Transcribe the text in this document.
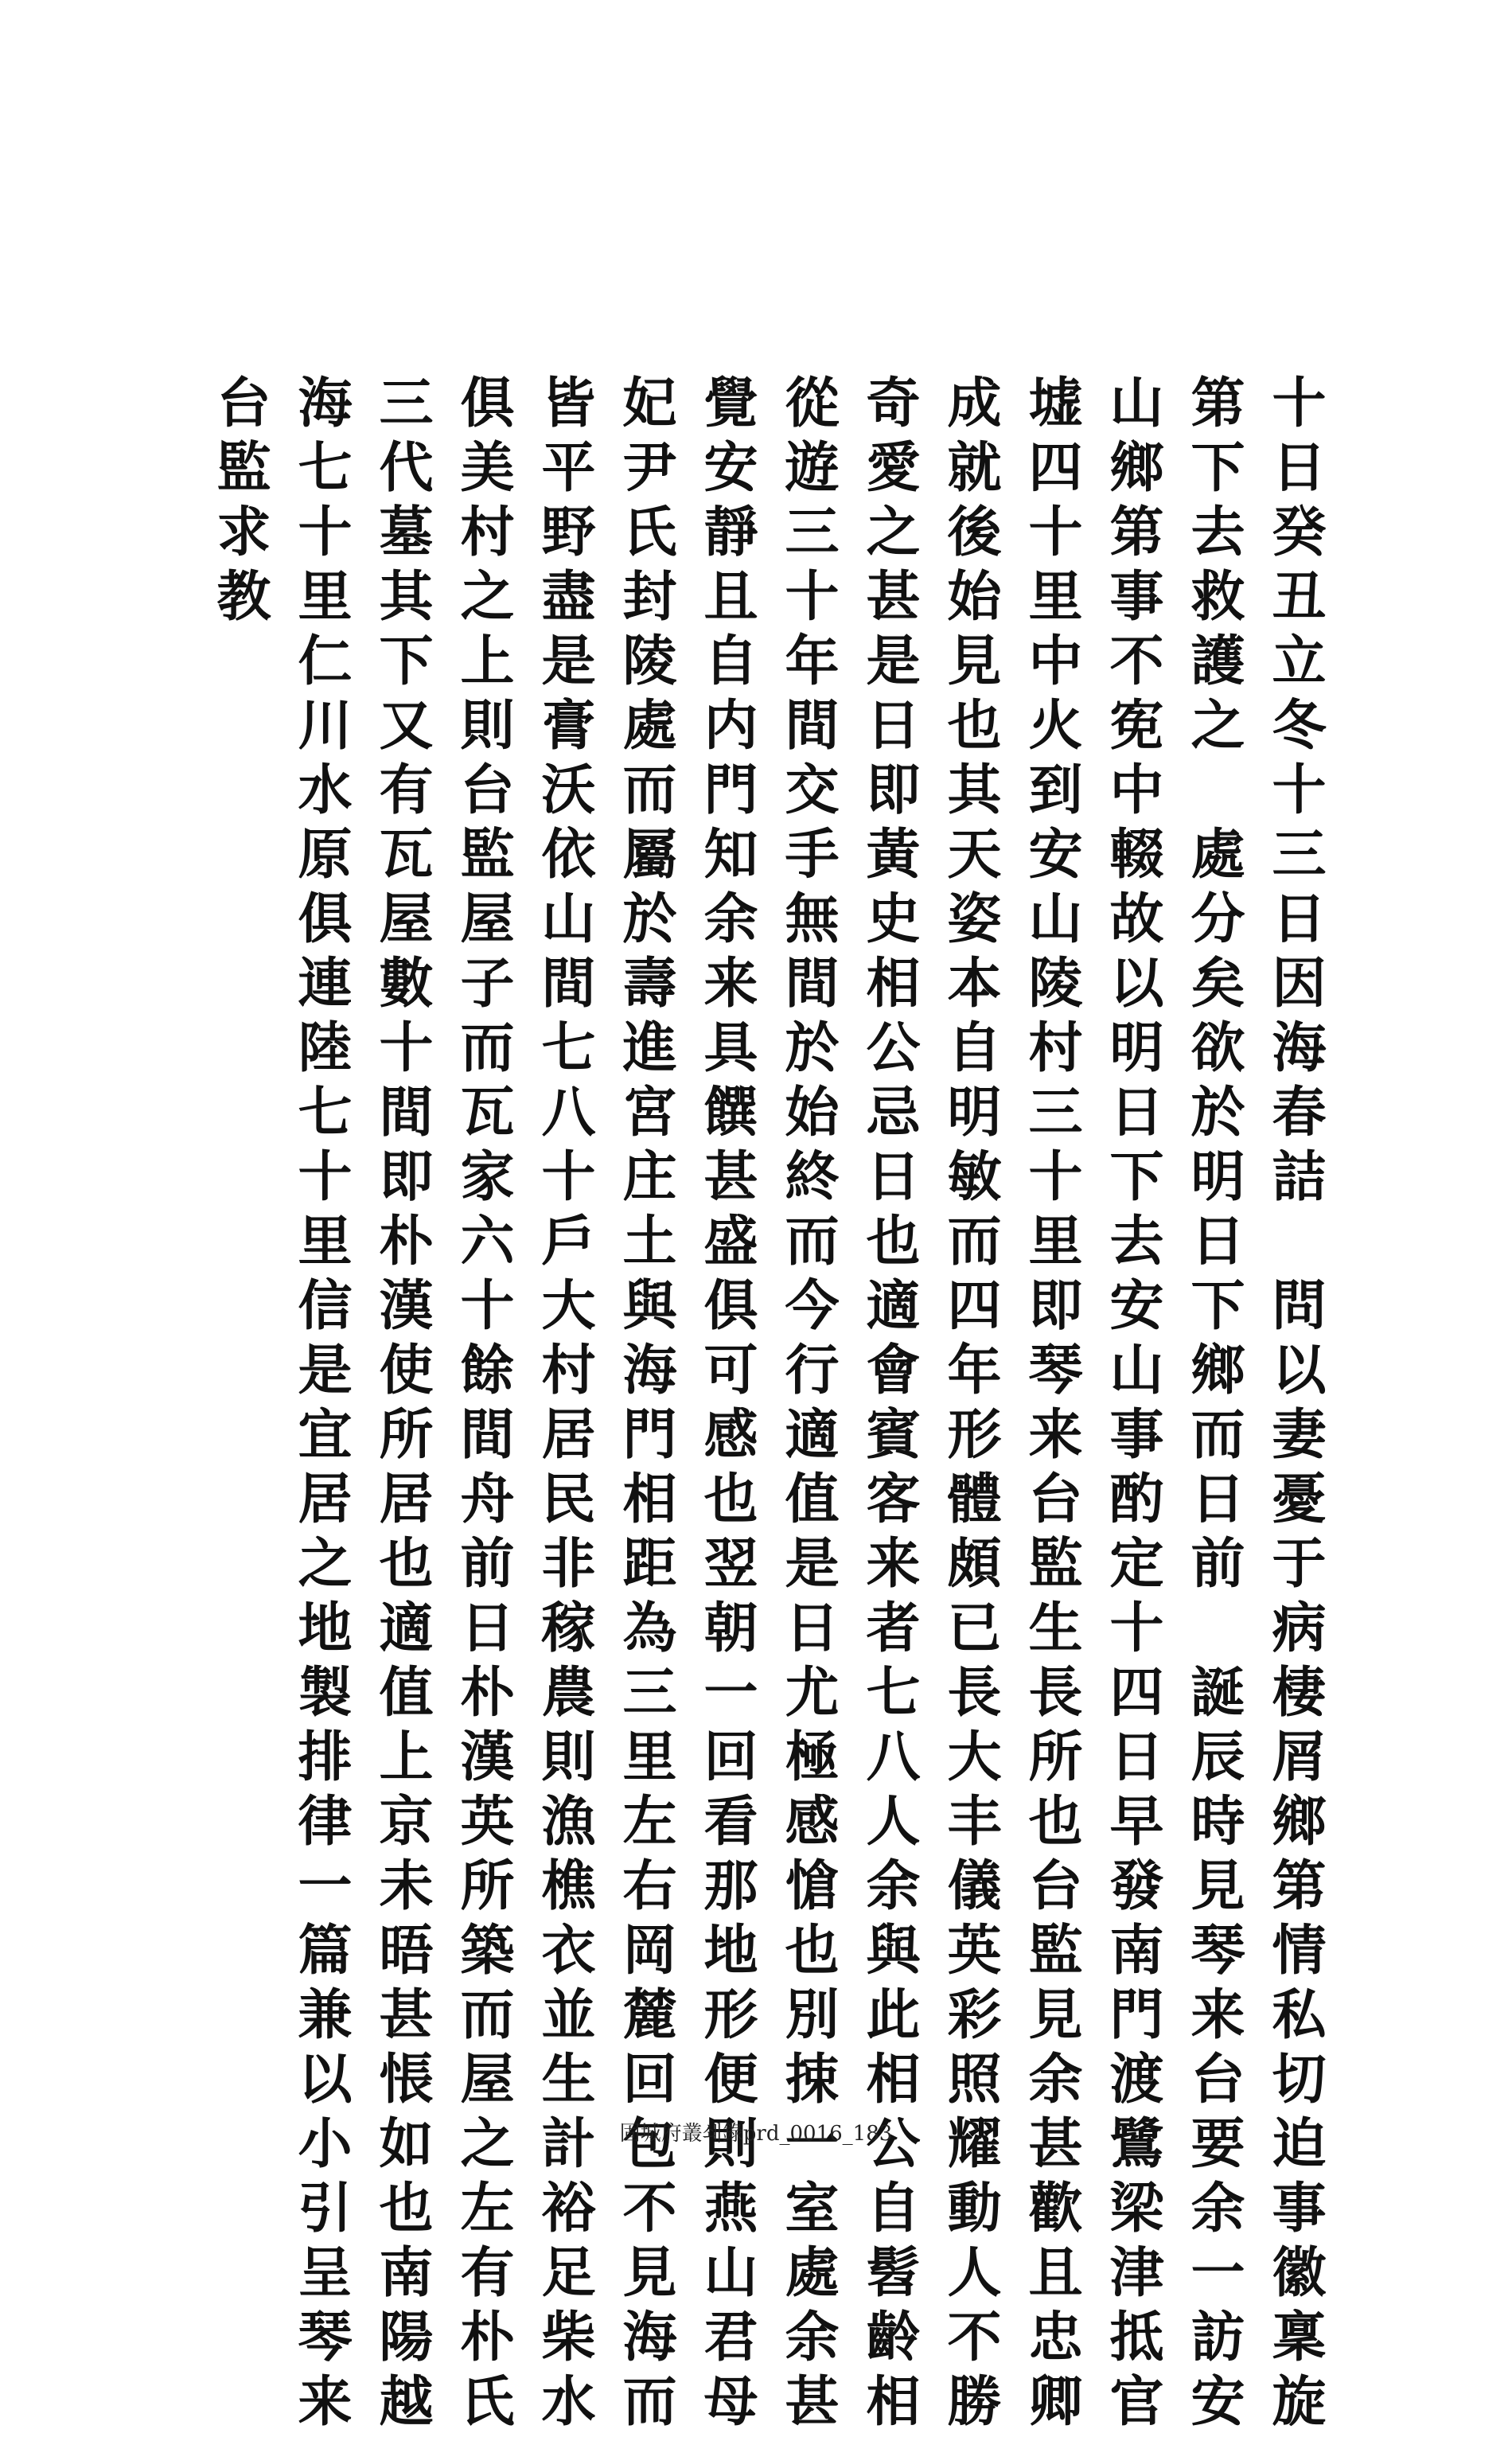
十日癸丑立冬十三日因海春詰　問以妻憂于病棲屑鄉第情私切迫事徽稟旋
第下去救護之　處分矣欲於明日下鄉而日前　誕辰時見琴来台要余一訪安
山鄉第事不𡨚中輟故以明日下去安山事酌定十四日早發南門渡鷺梁津抵官
墟四十里中火到安山陵村三十里即琴来台監生長所也台監見余甚歡且忠卿
成就後始見也其天姿本自明敏而四年形體頗已長大丰儀英彩照耀動人不勝
奇愛之甚是日即黃史相公忌日也適會賓客来者七八人余與此相公自髫齡相
從遊三十年間交手無間於始終而今行適值是日尤極感愴也別捒一室處余甚
覺安靜且自内門知余来具饌甚盛俱可感也翌朝一回看那地形便則燕山君母
妃尹氏封陵處而屬於壽進宮庄土與海門相距為三里左右岡麓回包不見海而
皆平野盡是膏沃依山間七八十戶大村居民非稼農則漁樵衣並生計裕足柴水
俱美村之上則台監屋子而瓦家六十餘間舟前日朴漢英所築而屋之左有朴氏
三代墓其下又有瓦屋數十間即朴漢使所居也適值上京未晤甚悵如也南陽越
海七十里仁川水原俱連陸七十里信是宜居之地製排律一篇兼以小引呈琴来
台監求教
固城府叢쇄錄prd_0016_183
